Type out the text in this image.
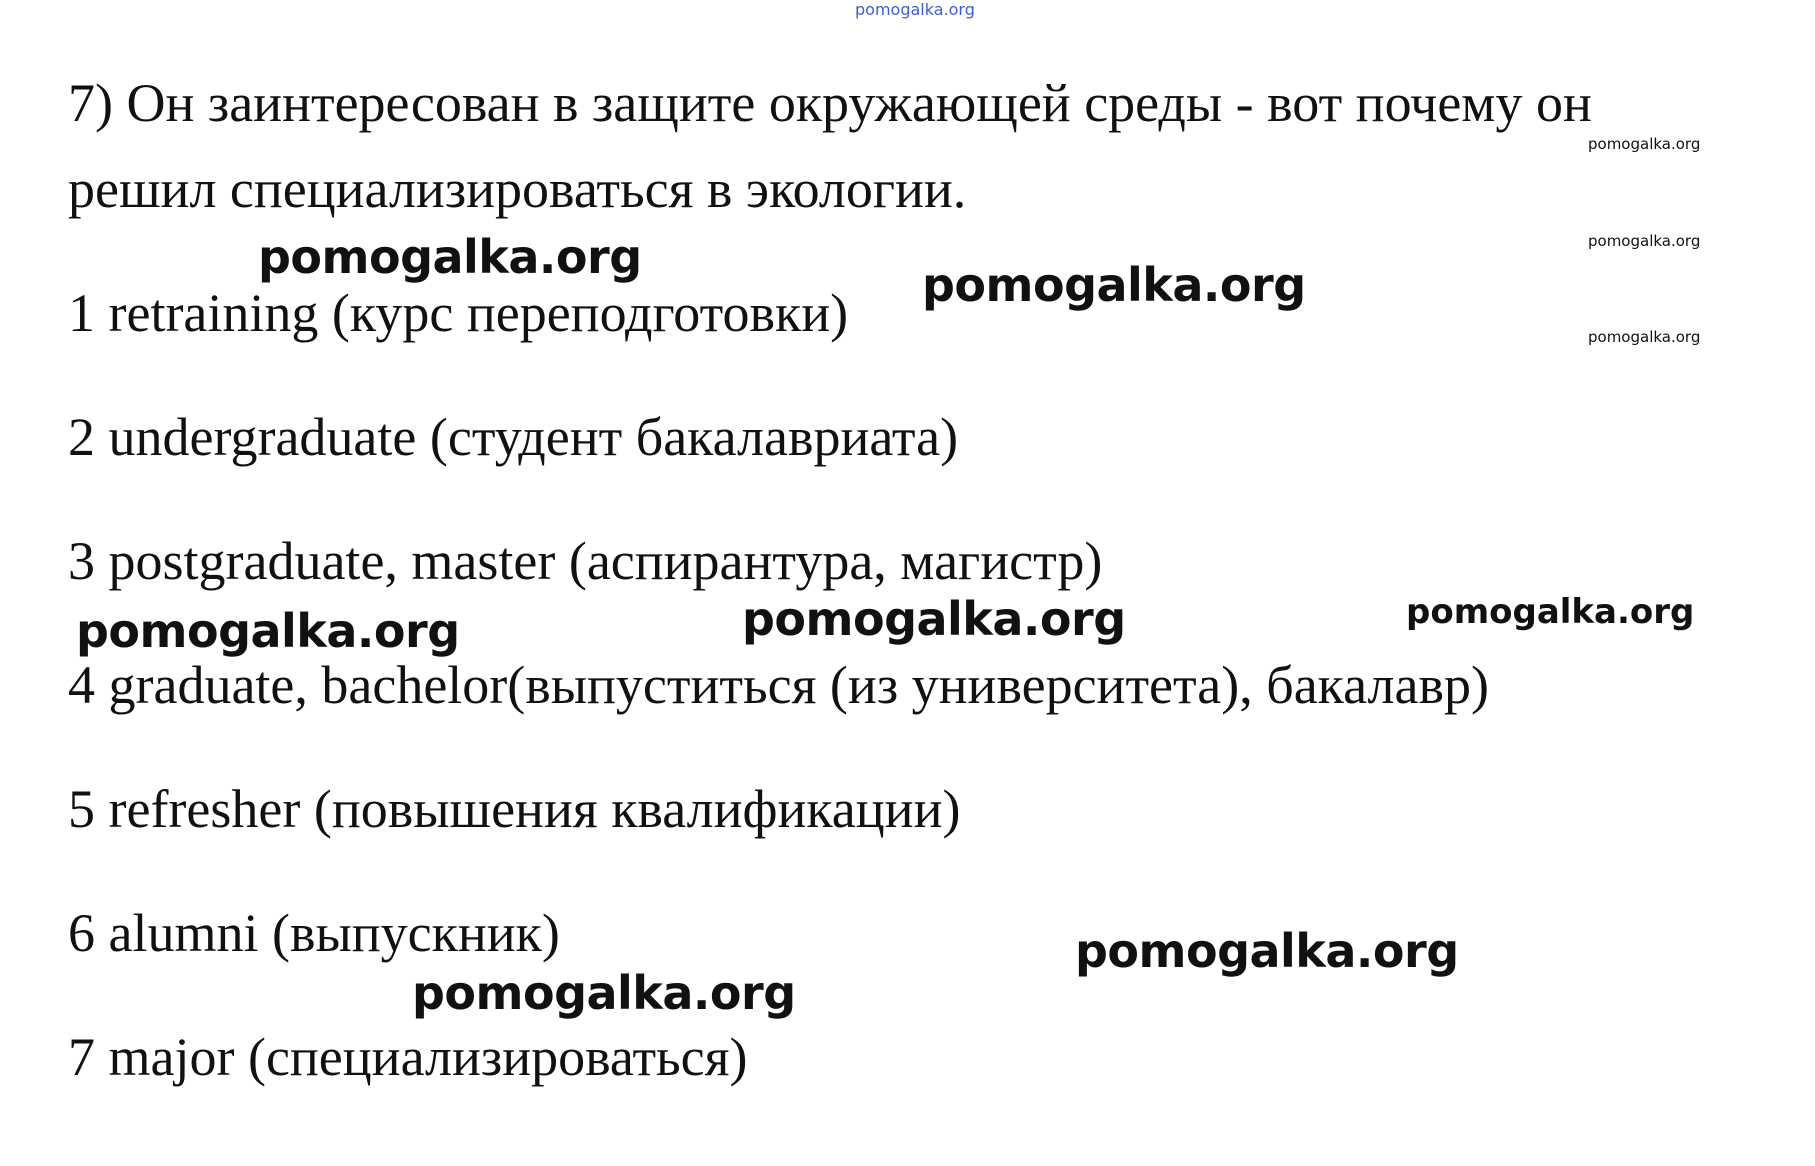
pomogalka.org

7) Он заинтересован в защите окружающей среды - вот почему он

решил специализироваться в экологии.

1 retraining (курс переподготовки)

2 undergraduate (студент бакалавриата)

3 postgraduate, master (аспирантура, магистр)

4 graduate, bachelor(выпуститься (из университета), бакалавр)

5 refresher (повышения квалификации)

6 alumni (выпускник)

7 major (специализироваться)

pomogalka.org

pomogalka.org

pomogalka.org

pomogalka.org

pomogalka.org

pomogalka.org	pomogalka.org	pomogalka.org

pomogalka.org

pomogalka.org
